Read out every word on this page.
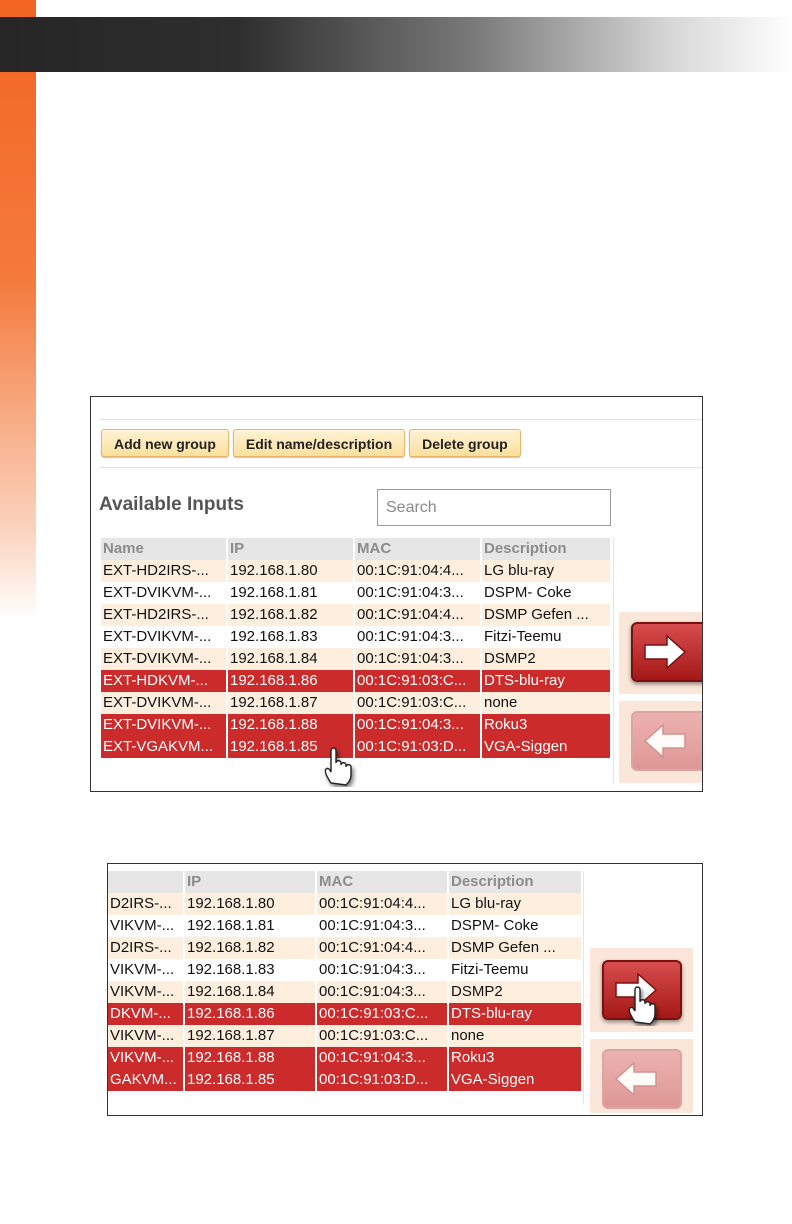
Add new group	Edit name/description	Delete group
Available Inputs
Search
Name	IP	MAC	Description
EXT-HD2IRS-...	192.168.1.80	00:1C:91:04:4...	LG blu-ray
EXT-DVIKVM-...	192.168.1.81	00:1C:91:04:3...	DSPM- Coke
EXT-HD2IRS-...	192.168.1.82	00:1C:91:04:4...	DSMP Gefen ...
EXT-DVIKVM-...	192.168.1.83	00:1C:91:04:3...	Fitzi-Teemu
EXT-DVIKVM-...	192.168.1.84	00:1C:91:04:3...	DSMP2
EXT-HDKVM-...	192.168.1.86	00:1C:91:03:C...	DTS-blu-ray
EXT-DVIKVM-...	192.168.1.87	00:1C:91:03:C...	none
EXT-DVIKVM-...	192.168.1.88	00:1C:91:04:3...	Roku3
EXT-VGAKVM...	192.168.1.85	00:1C:91:03:D...	VGA-Siggen
IP	MAC	Description
D2IRS-...	192.168.1.80	00:1C:91:04:4...	LG blu-ray
VIKVM-... 192.168.1.81	00:1C:91:04:3...	DSPM- Coke
D2IRS-...	192.168.1.82	00:1C:91:04:4...	DSMP Gefen ...
VIKVM-... 192.168.1.83	00:1C:91:04:3...	Fitzi-Teemu
VIKVM-... 192.168.1.84	00:1C:91:04:3...	DSMP2
DKVM-...	192.168.1.86	00:1C:91:03:C...	DTS-blu-ray
VIKVM-... 192.168.1.87	00:1C:91:03:C...	none
VIKVM-... 192.168.1.88	00:1C:91:04:3...	Roku3
GAKVM... 192.168.1.85	00:1C:91:03:D...	VGA-Siggen
